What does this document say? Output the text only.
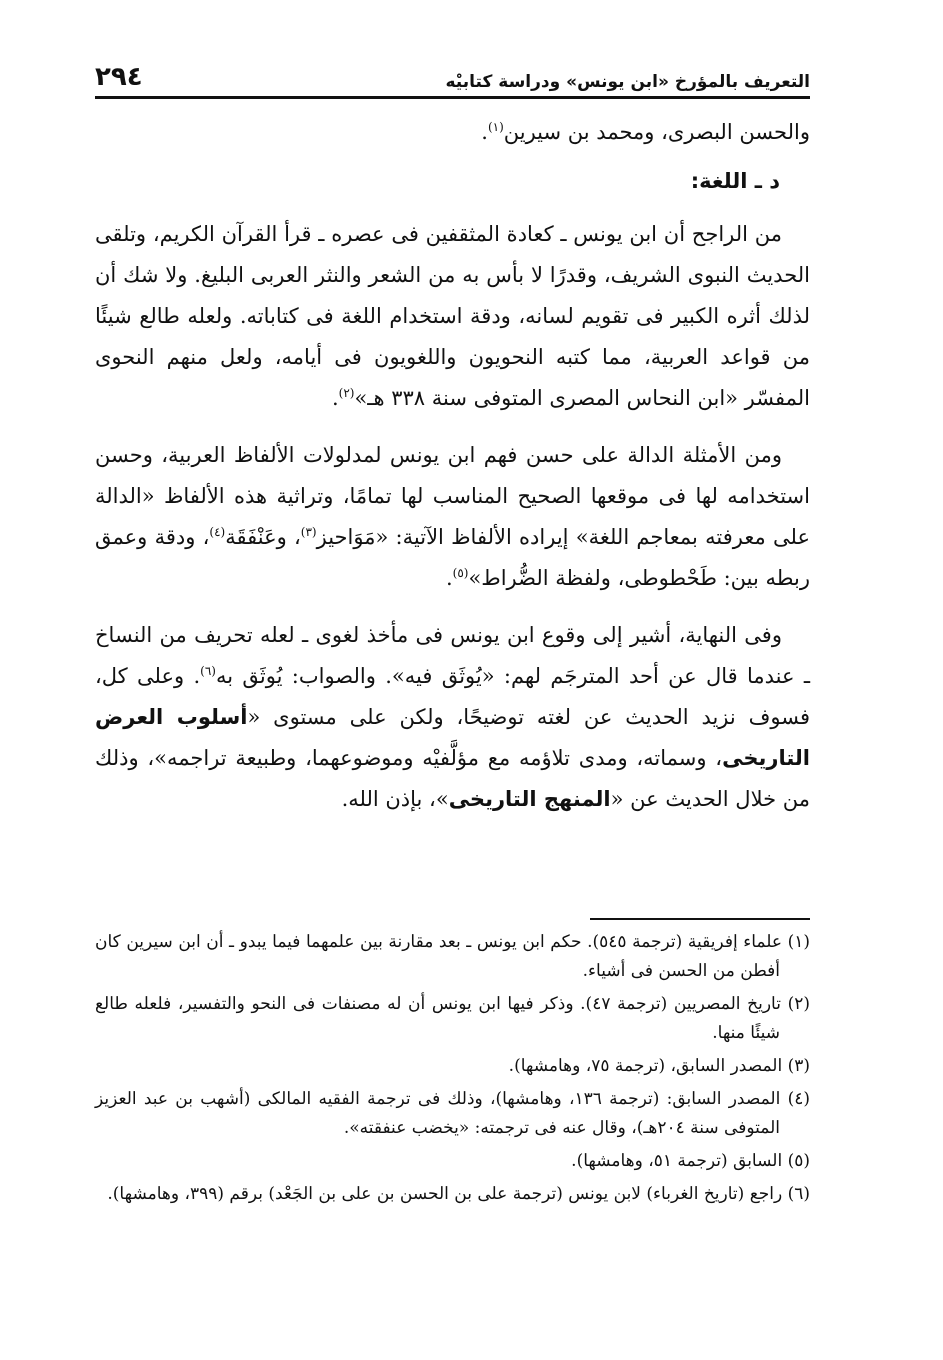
التعريف بالمؤرخ «ابن يونس» ودراسة كتابيْه
٢٩٤

والحسن البصرى، ومحمد بن سيرين$^{(١)}$.

د ـ اللغة:

من الراجح أن ابن يونس ـ كعادة المثقفين فى عصره ـ قرأ القرآن الكريم، وتلقى الحديث النبوى الشريف، وقدرًا لا بأس به من الشعر والنثر العربى البليغ. ولا شك أن لذلك أثره الكبير فى تقويم لسانه، ودقة استخدام اللغة فى كتاباته. ولعله طالع شيئًا من قواعد العربية، مما كتبه النحويون واللغويون فى أيامه، ولعل منهم النحوى المفسّر «ابن النحاس المصرى المتوفى سنة ٣٣٨ هـ»$^{(٢)}$.

ومن الأمثلة الدالة على حسن فهم ابن يونس لمدلولات الألفاظ العربية، وحسن استخدامه لها فى موقعها الصحيح المناسب لها تمامًا، وتراثية هذه الألفاظ «الدالة على معرفته بمعاجم اللغة» إيراده الألفاظ الآتية: «مَوَاحيز$^{(٣)}$، وعَنْفَقَة$^{(٤)}$، ودقة وعمق ربطه بين: طَحْطوطى، ولفظة الضُّراط»$^{(٥)}$.

وفى النهاية، أشير إلى وقوع ابن يونس فى مأخذ لغوى ـ لعله تحريف من النساخ ـ عندما قال عن أحد المترجَم لهم: «يُوثَق فيه». والصواب: يُوثَق به$^{(٦)}$. وعلى كل، فسوف نزيد الحديث عن لغته توضيحًا، ولكن على مستوى «أسلوب العرض التاريخى، وسماته، ومدى تلاؤمه مع مؤلَّفيْه وموضوعهما، وطبيعة تراجمه»، وذلك من خلال الحديث عن «المنهج التاريخى»، بإذن الله.

(١) علماء إفريقية (ترجمة ٥٤٥). حكم ابن يونس ـ بعد مقارنة بين علمهما فيما يبدو ـ أن ابن سيرين كان أفطن من الحسن فى أشياء.

(٢) تاريخ المصريين (ترجمة ٤٧). وذكر فيها ابن يونس أن له مصنفات فى النحو والتفسير، فلعله طالع شيئًا منها.

(٣) المصدر السابق، (ترجمة ٧٥، وهامشها).

(٤) المصدر السابق: (ترجمة ١٣٦، وهامشها)، وذلك فى ترجمة الفقيه المالكى (أشهب بن عبد العزيز المتوفى سنة ٢٠٤هـ)، وقال عنه فى ترجمته: «يخضب عنفقته».

(٥) السابق (ترجمة ٥١، وهامشها).

(٦) راجع (تاريخ الغرباء) لابن يونس (ترجمة على بن الحسن بن على بن الجَعْد) برقم (٣٩٩، وهامشها).
